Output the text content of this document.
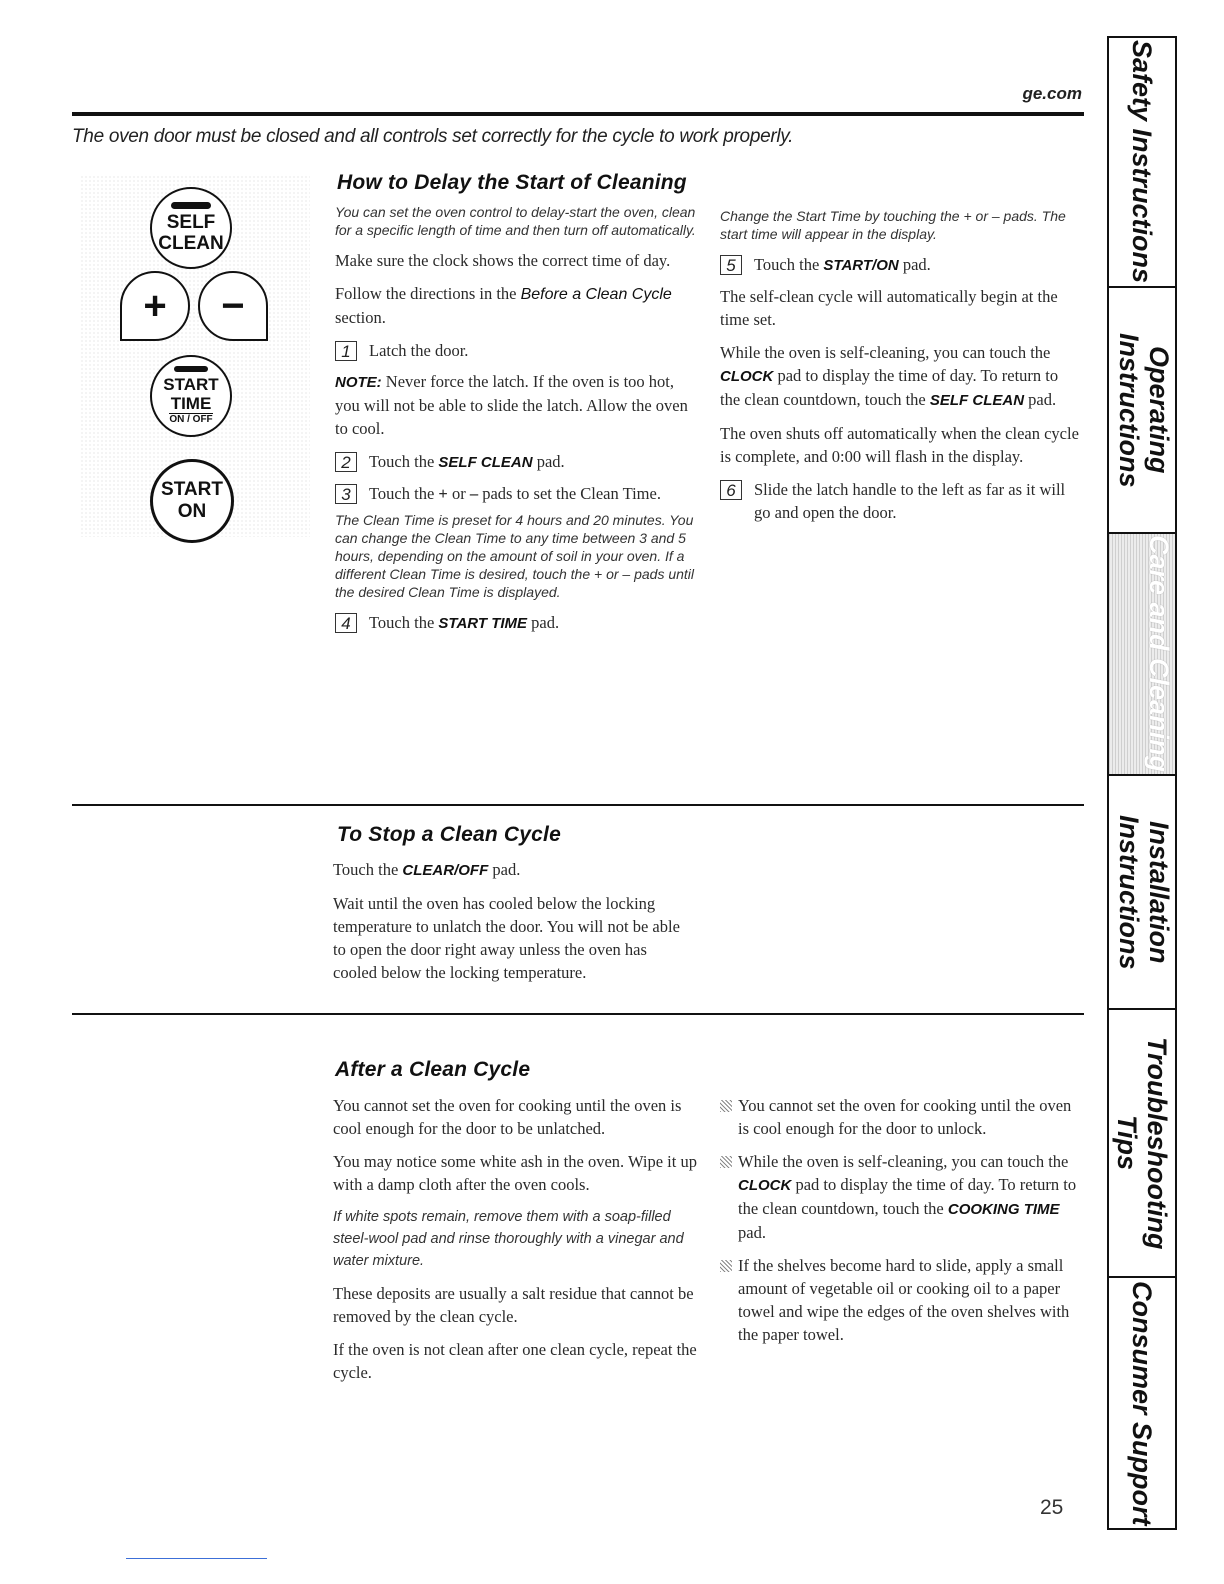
ge.com
The oven door must be closed and all controls set correctly for the cycle to work properly.
SELF
CLEAN
+ −
START
TIME
ON / OFF
START
ON
How to Delay the Start of Cleaning

You can set the oven control to delay-start the oven, clean for a specific length of time and then turn off automatically.

Make sure the clock shows the correct time of day.

Follow the directions in the Before a Clean Cycle section.

1	Latch the door.

NOTE: Never force the latch. If the oven is too hot, you will not be able to slide the latch. Allow the oven to cool.

2	Touch the SELF CLEAN pad.
3	Touch the + or – pads to set the Clean Time.

The Clean Time is preset for 4 hours and 20 minutes. You can change the Clean Time to any time between 3 and 5 hours, depending on the amount of soil in your oven. If a different Clean Time is desired, touch the + or – pads until the desired Clean Time is displayed.

4	Touch the START TIME pad.

Change the Start Time by touching the + or – pads. The start time will appear in the display.

5	Touch the START/ON pad.

The self-clean cycle will automatically begin at the time set.

While the oven is self-cleaning, you can touch the CLOCK pad to display the time of day. To return to the clean countdown, touch the SELF CLEAN pad.

The oven shuts off automatically when the clean cycle is complete, and 0:00 will flash in the display.

6	Slide the latch handle to the left as far as it will go and open the door.
To Stop a Clean Cycle

Touch the CLEAR/OFF pad.

Wait until the oven has cooled below the locking temperature to unlatch the door. You will not be able to open the door right away unless the oven has cooled below the locking temperature.

After a Clean Cycle

You cannot set the oven for cooking until the oven is cool enough for the door to be unlatched.

You may notice some white ash in the oven. Wipe it up with a damp cloth after the oven cools.

If white spots remain, remove them with a soap-filled steel-wool pad and rinse thoroughly with a vinegar and water mixture.

These deposits are usually a salt residue that cannot be removed by the clean cycle.

If the oven is not clean after one clean cycle, repeat the cycle.

You cannot set the oven for cooking until the oven is cool enough for the door to unlock.

While the oven is self-cleaning, you can touch the CLOCK pad to display the time of day. To return to the clean countdown, touch the COOKING TIME pad.

If the shelves become hard to slide, apply a small amount of vegetable oil or cooking oil to a paper towel and wipe the edges of the oven shelves with the paper towel.

25
Safety Instructions
Operating Instructions
Care and Cleaning
Installation Instructions
Troubleshooting Tips
Consumer Support
